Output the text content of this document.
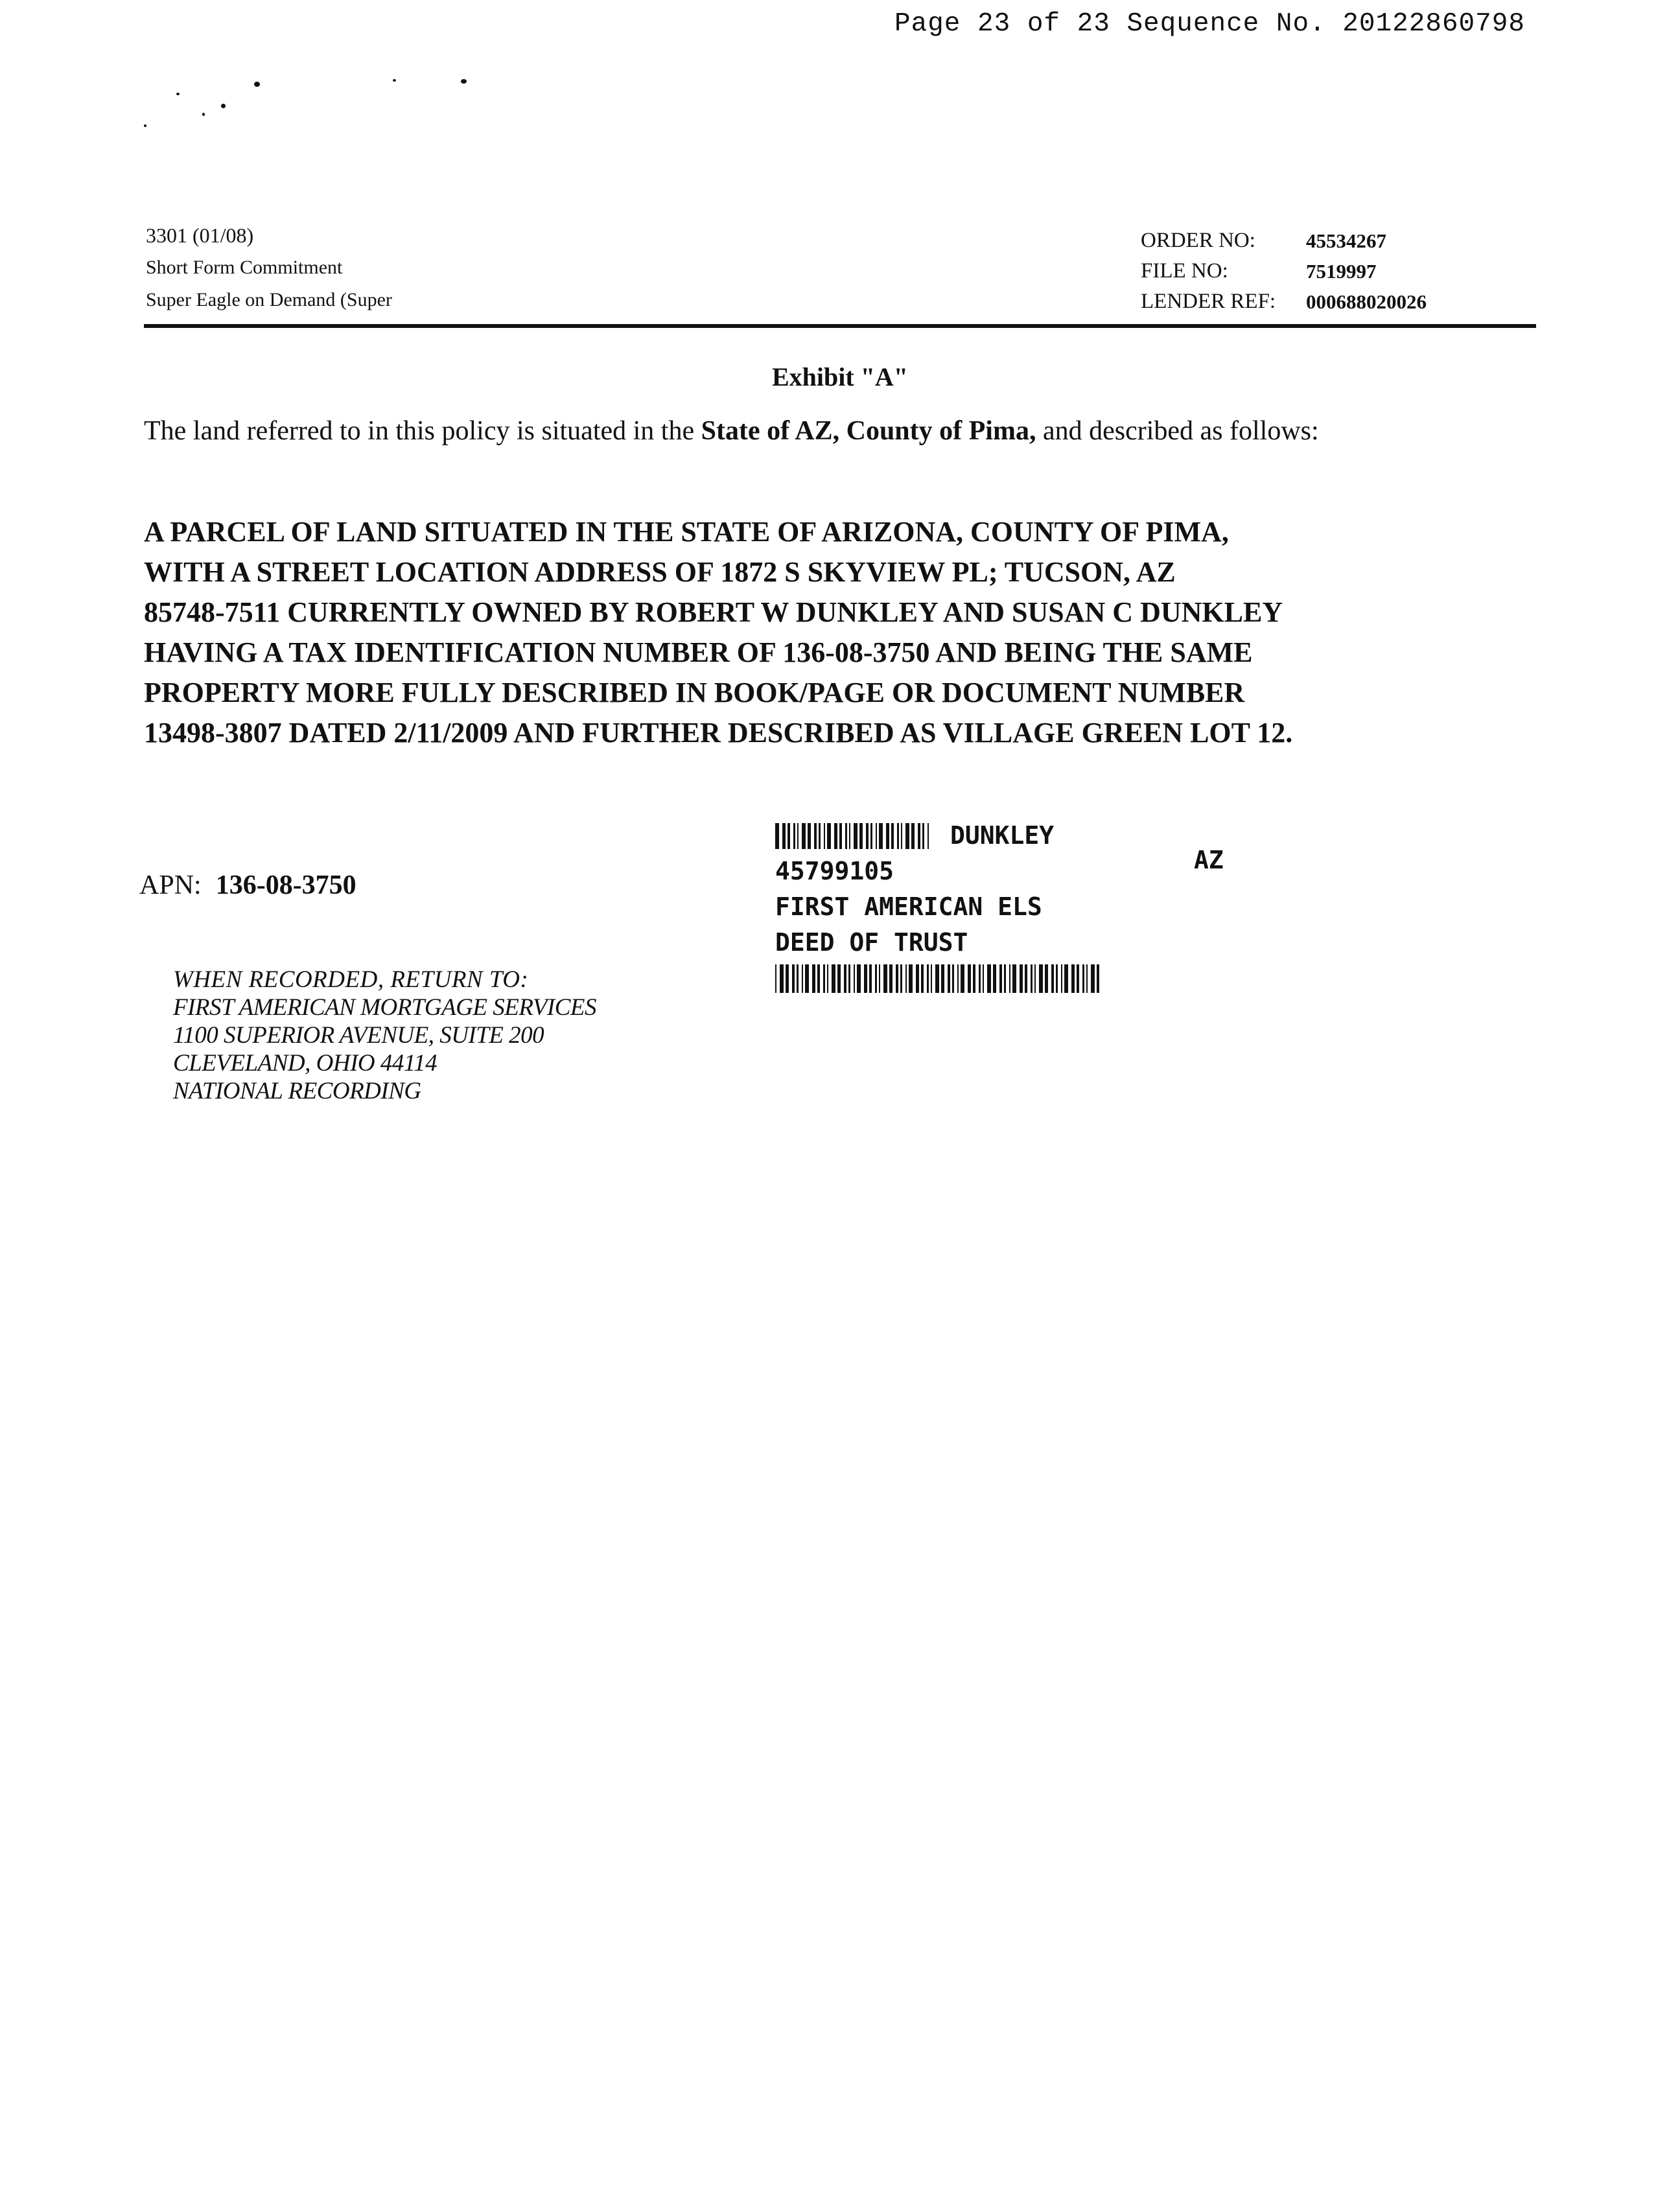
Page 23 of 23 Sequence No. 20122860798
3301 (01/08)
Short Form Commitment
Super Eagle on Demand (Super
ORDER NO:	45534267
FILE NO:	7519997
LENDER REF:	000688020026
Exhibit "A"
The land referred to in this policy is situated in the State of AZ, County of Pima, and described as follows:
A PARCEL OF LAND SITUATED IN THE STATE OF ARIZONA, COUNTY OF PIMA,
WITH A STREET LOCATION ADDRESS OF 1872 S SKYVIEW PL; TUCSON, AZ
85748-7511 CURRENTLY OWNED BY ROBERT W DUNKLEY AND SUSAN C DUNKLEY
HAVING A TAX IDENTIFICATION NUMBER OF 136-08-3750 AND BEING THE SAME
PROPERTY MORE FULLY DESCRIBED IN BOOK/PAGE OR DOCUMENT NUMBER
13498-3807 DATED 2/11/2009 AND FURTHER DESCRIBED AS VILLAGE GREEN LOT 12.
APN: 136-08-3750
DUNKLEY
45799105
FIRST AMERICAN ELS
DEED OF TRUST
AZ
WHEN RECORDED, RETURN TO:
FIRST AMERICAN MORTGAGE SERVICES
1100 SUPERIOR AVENUE, SUITE 200
CLEVELAND, OHIO 44114
NATIONAL RECORDING
